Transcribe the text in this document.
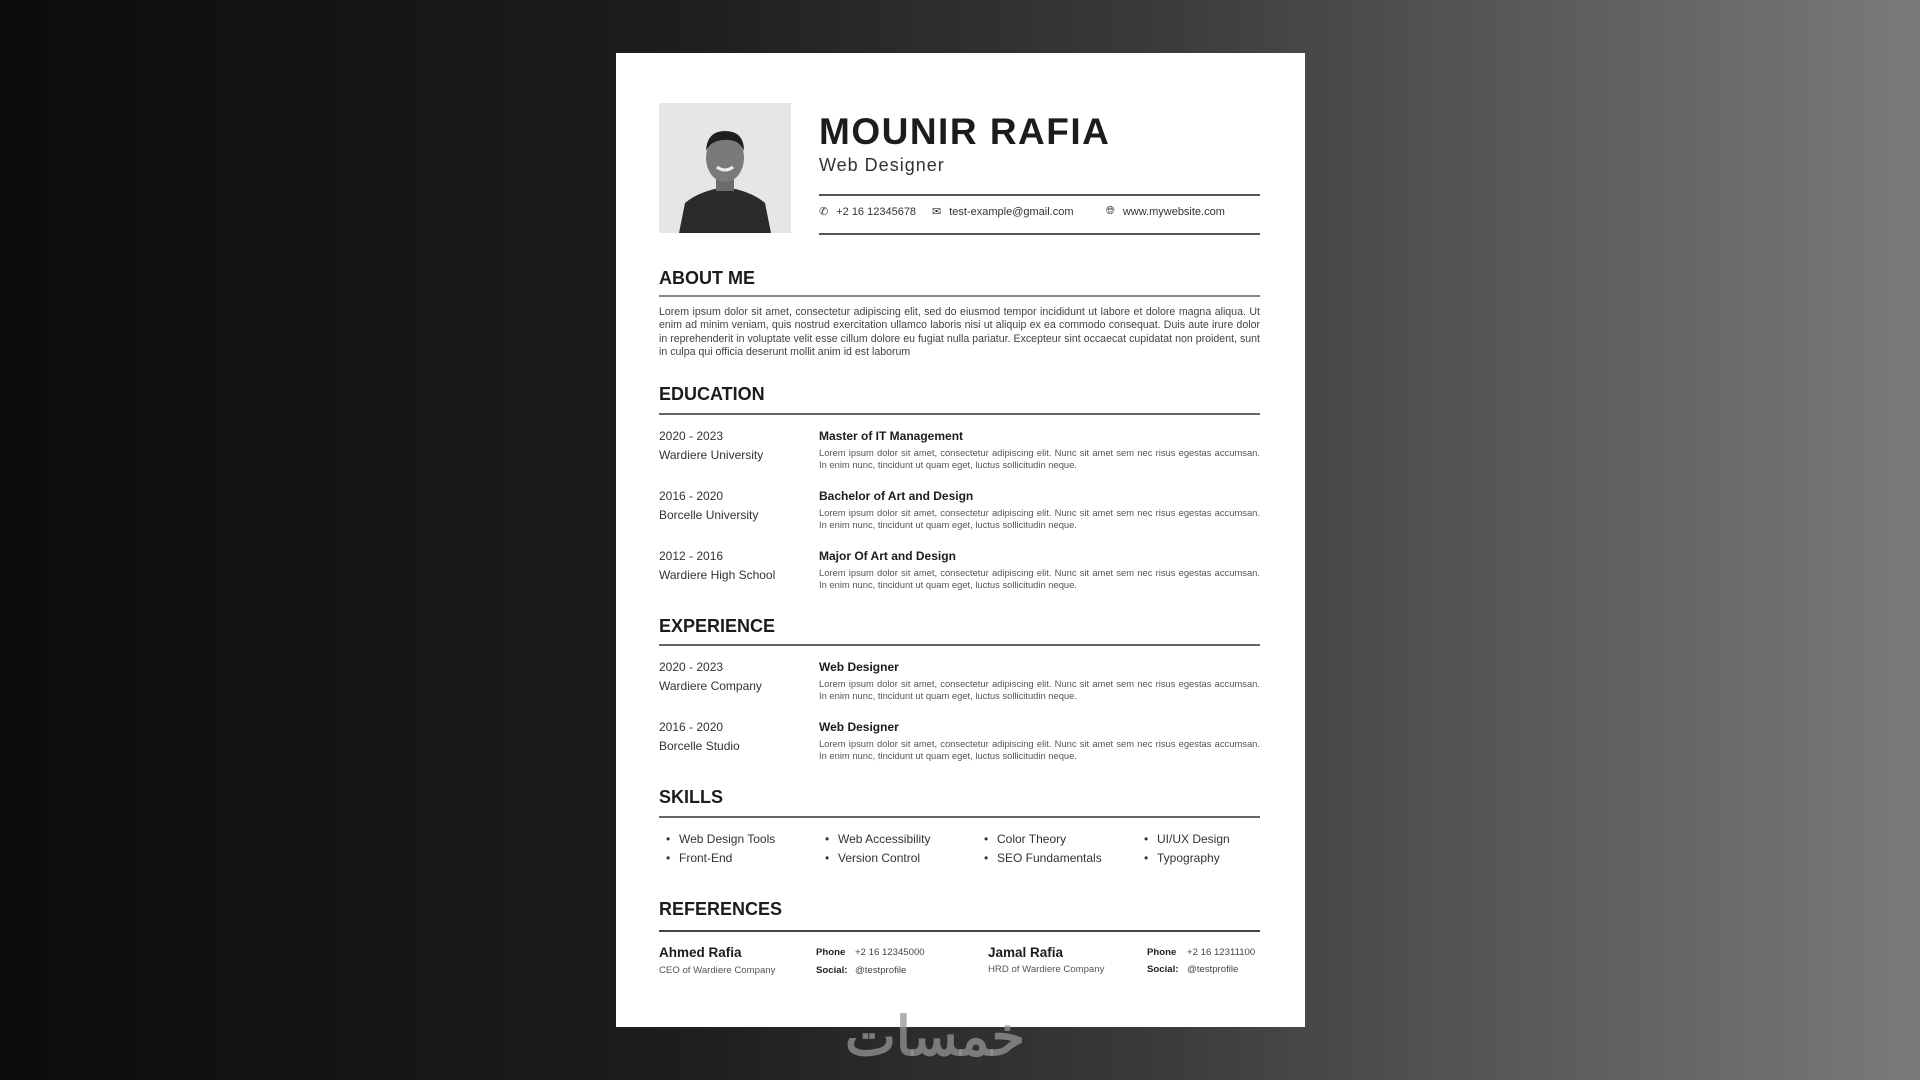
MOUNIR RAFIA
Web Designer
✆ +2 16 12345678 ✉ test-example@gmail.com	🌐︎ www.mywebsite.com
ABOUT ME
Lorem ipsum dolor sit amet, consectetur adipiscing elit, sed do eiusmod tempor incididunt ut labore et dolore magna aliqua. Ut enim ad minim veniam, quis nostrud exercitation ullamco laboris nisi ut aliquip ex ea commodo consequat. Duis aute irure dolor in reprehenderit in voluptate velit esse cillum dolore eu fugiat nulla pariatur. Excepteur sint occaecat cupidatat non proident, sunt in culpa qui officia deserunt mollit anim id est laborum
EDUCATION
2020 - 2023
Wardiere University
Master of IT Management
Lorem ipsum dolor sit amet, consectetur adipiscing elit. Nunc sit amet sem nec risus egestas accumsan. In enim nunc, tincidunt ut quam eget, luctus sollicitudin neque.
2016 - 2020
Borcelle University
Bachelor of Art and Design
Lorem ipsum dolor sit amet, consectetur adipiscing elit. Nunc sit amet sem nec risus egestas accumsan. In enim nunc, tincidunt ut quam eget, luctus sollicitudin neque.
2012 - 2016
Wardiere High School
Major Of Art and Design
Lorem ipsum dolor sit amet, consectetur adipiscing elit. Nunc sit amet sem nec risus egestas accumsan. In enim nunc, tincidunt ut quam eget, luctus sollicitudin neque.
EXPERIENCE
2020 - 2023
Wardiere Company
Web Designer
Lorem ipsum dolor sit amet, consectetur adipiscing elit. Nunc sit amet sem nec risus egestas accumsan. In enim nunc, tincidunt ut quam eget, luctus sollicitudin neque.
2016 - 2020
Borcelle Studio
Web Designer
Lorem ipsum dolor sit amet, consectetur adipiscing elit. Nunc sit amet sem nec risus egestas accumsan. In enim nunc, tincidunt ut quam eget, luctus sollicitudin neque.
SKILLS
• Web Design Tools
• Front-End
• Web Accessibility
• Version Control
• Color Theory
• SEO Fundamentals
• UI/UX Design
• Typography
REFERENCES
Ahmed Rafia
CEO of Wardiere Company
Phone +2 16 12345000
Social: @testprofile
Jamal Rafia
HRD of Wardiere Company
Phone +2 16 12311100
Social: @testprofile
خمسات
